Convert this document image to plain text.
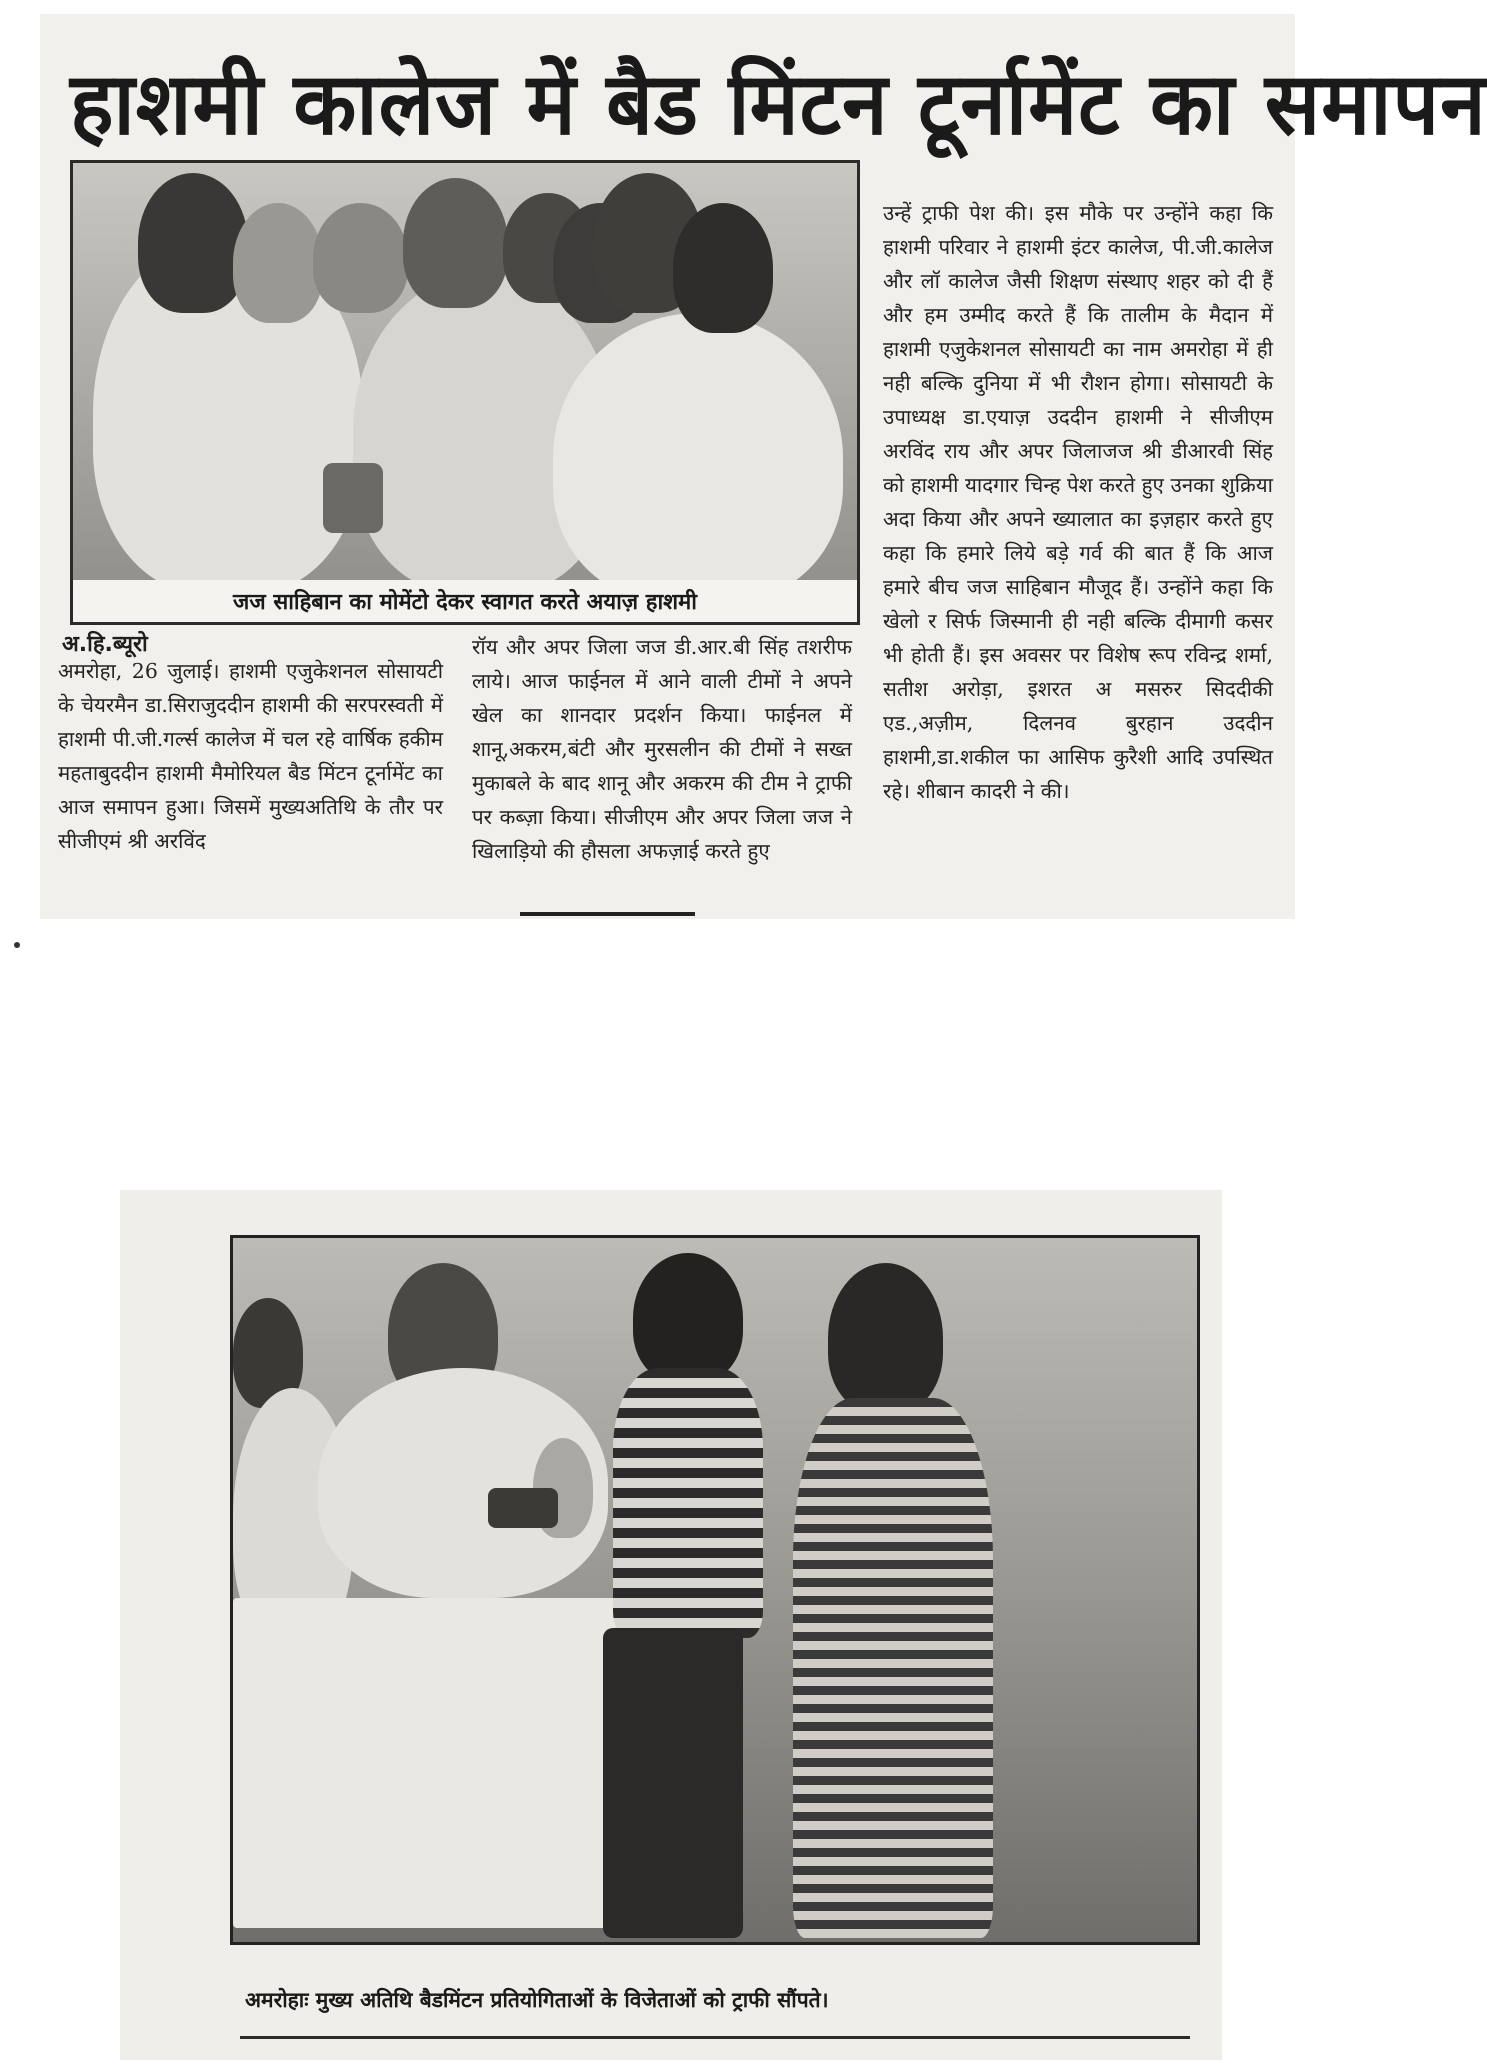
हाशमी कालेज में बैड मिंटन टूर्नामेंट का समापन
जज साहिबान का मोमेंटो देकर स्वागत करते अयाज़ हाशमी
अ.हि.ब्यूरो

अमरोहा, 26 जुलाई। हाशमी एजुकेशनल सोसायटी के चेयरमैन डा.सिराजुददीन हाशमी की सरपरस्वती में हाशमी पी.जी.गर्ल्स कालेज में चल रहे वार्षिक हकीम महताबुददीन हाशमी मैमोरियल बैड मिंटन टूर्नामेंट का आज समापन हुआ। जिसमें मुख्यअतिथि के तौर पर सीजीएमं श्री अरविंद

रॉय और अपर जिला जज डी.आर.बी सिंह तशरीफ लाये। आज फाईनल में आने वाली टीमों ने अपने खेल का शानदार प्रदर्शन किया। फाईनल में शानू,अकरम,बंटी और मुरसलीन की टीमों ने सख्त मुकाबले के बाद शानू और अकरम की टीम ने ट्राफी पर कब्ज़ा किया। सीजीएम और अपर जिला जज ने खिलाड़ियो की हौसला अफज़ाई करते हुए

उन्हें ट्राफी पेश की। इस मौके पर उन्होंने कहा कि हाशमी परिवार ने हाशमी इंटर कालेज, पी.जी.कालेज और लॉ कालेज जैसी शिक्षण संस्थाए शहर को दी हैं और हम उम्मीद करते हैं कि तालीम के मैदान में हाशमी एजुकेशनल सोसायटी का नाम अमरोहा में ही नही बल्कि दुनिया में भी रौशन होगा। सोसायटी के उपाध्यक्ष डा.एयाज़ उददीन हाशमी ने सीजीएम अरविंद राय और अपर जिलाजज श्री डीआरवी सिंह को हाशमी यादगार चिन्ह पेश करते हुए उनका शुक्रिया अदा किया और अपने ख्यालात का इज़हार करते हुए कहा कि हमारे लिये बड़े गर्व की बात हैं कि आज हमारे बीच जज साहिबान मौजूद हैं। उन्होंने कहा कि खेलो र सिर्फ जिस्मानी ही नही बल्कि दीमागी कसर भी होती हैं। इस अवसर पर विशेष रूप रविन्द्र शर्मा, सतीश अरोड़ा, इशरत अ मसरुर सिददीकी एड.,अज़ीम, दिलनव बुरहान उददीन हाशमी,डा.शकील फा आसिफ कुरैशी आदि उपस्थित रहे। शीबान कादरी ने की।

अमरोहाः मुख्य अतिथि बैडमिंटन प्रतियोगिताओं के विजेताओं को ट्राफी सौंपते।
